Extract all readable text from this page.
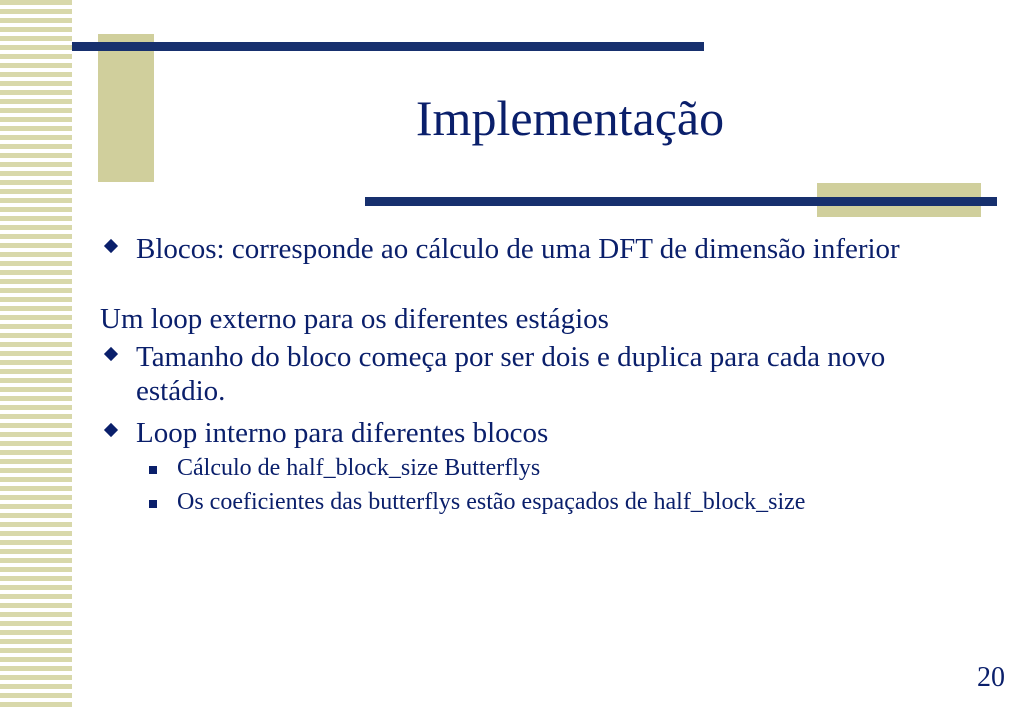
Implementação
Blocos: corresponde ao cálculo de uma DFT de dimensão inferior
Um loop externo para os diferentes estágios
Tamanho do bloco começa por ser dois e duplica para cada novo estádio.
Loop interno para diferentes blocos
Cálculo de half_block_size Butterflys
Os coeficientes das butterflys estão espaçados de half_block_size
20
